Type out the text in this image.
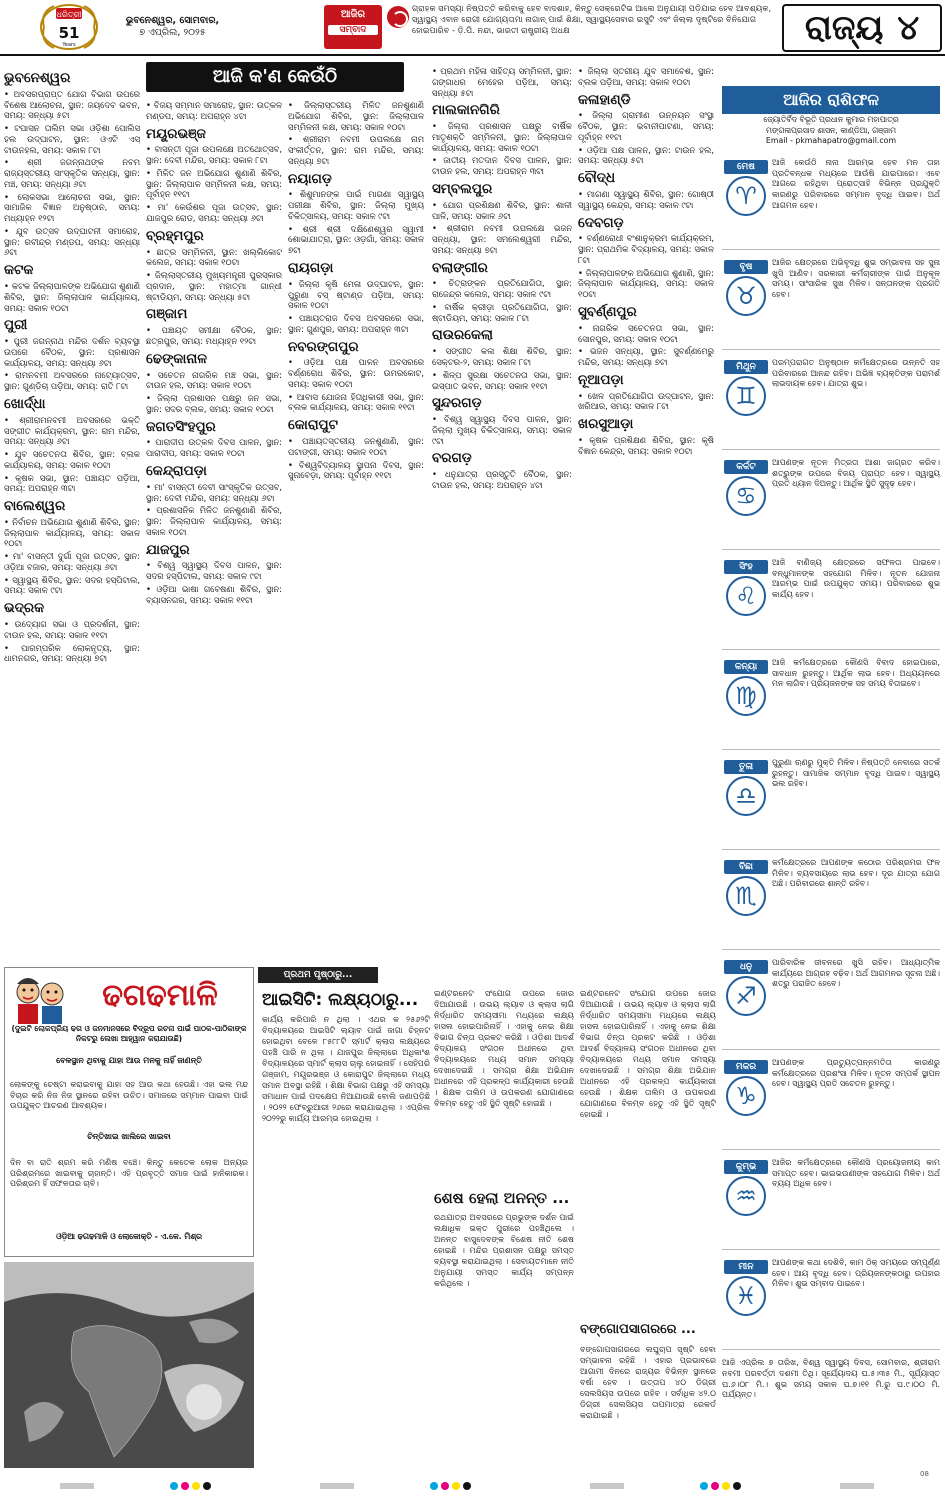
ଧରିତ୍ରୀ
51
Years
ଭୁବନେଶ୍ୱର, ସୋମବାର,
୭ ଏପ୍ରିଲ, ୨୦୨୫
ଆଜିର
ସମ୍ବାଦ
ଗ୍ରାହକ ସମସ୍ୟା ନିଷ୍ପତ୍ତି କରିବାକୁ ହେବ ବାଦଶାହ, କିନ୍ତୁ ସେକ୍ରେଟିଭ ଆଲେ ଅନୁଯାୟୀ ପଡ଼ିଯାଇ ହେବ ଆବଶ୍ୟକ, ସ୍ୱାସ୍ଥ୍ୟ ଏବାନ ରୋଗୀ ଯୋଗ୍ୟତାମା ନାଗାନ୍ ପାଇଁ ଶିକ୍ଷା, ସ୍ୱାସ୍ଥ୍ୟସେବାର ଇସୁଟି ଏବଂ ଜିଲ୍ଲା ଦୃଷ୍ଟିରେ ବିନିଯୋଗ ହୋଇପାରିବ - ଡ଼ି.ପି. ନନ୍ଦା, ଭାରତୀ ରାଷ୍ଟ୍ରୀୟ ଅଧକ୍ଷ	ରାଜ୍ୟ ୪
ଭୁବନେଶ୍ୱର
• ଅବସରପ୍ରାପ୍ତ ଯୋଗ ବିଭାଗ ଉପରେ ବିଶେଷ ଆଲୋଚନା, ସ୍ଥାନ: ଜୟଦେବ ଭବନ, ସମୟ: ସନ୍ଧ୍ୟା ୫ଟା
• ଟପାସନ ତାଲିମ ସଭା ଓଡ଼ିଶା ପୋଲିସ ହଲ ଉଦ୍‌ଘାଟନ, ସ୍ଥାନ: ଓଏଟି ଏସ୍ ଟାଉନହଲ, ସମୟ: ସକାଳ ୮ଟା
• ଶ୍ରୀ ଜଗନ୍ନାଥଙ୍କ ନବମ ରାଜ୍ୟସ୍ତରୀୟ ସାଂସ୍କୃତିକ ସନ୍ଧ୍ୟା, ସ୍ଥାନ: ମଞ୍ଚ, ସମୟ: ସନ୍ଧ୍ୟା ୬ଟା
• ଲୋକସଭା ଆଲୋଚନା ସଭା, ସ୍ଥାନ: ସାମାଜିକ ବିଜ୍ଞାନ ଅନୁଷ୍ଠାନ, ସମୟ: ମଧ୍ୟାହ୍ନ ୧୨ଟା
• ଯୁବ ଉତ୍ସବ ଉଦ୍‌ଘାଟନୀ ସମାରୋହ, ସ୍ଥାନ: ରବୀନ୍ଦ୍ର ମଣ୍ଡପ, ସମୟ: ସନ୍ଧ୍ୟା ୬ଟା
କଟକ
• କଟକ ଜିଲ୍ଲାପାଳଙ୍କ ଅଭିଯୋଗ ଶୁଣାଣି ଶିବିର, ସ୍ଥାନ: ଜିଲ୍ଲାପାଳ କାର୍ଯ୍ୟାଳୟ, ସମୟ: ସକାଳ ୧୦ଟା
ପୁରୀ
• ପୁରୀ ଜଗନ୍ନାଥ ମନ୍ଦିର ଦର୍ଶନ ବ୍ୟବସ୍ଥା ଉପରେ ବୈଠକ, ସ୍ଥାନ: ପ୍ରଶାସନ କାର୍ଯ୍ୟାଳୟ, ସମୟ: ସନ୍ଧ୍ୟା ୬ଟା
• ରାମନବମୀ ଅବସରରେ ନାଟ୍ୟୋତ୍ସବ, ସ୍ଥାନ: ଗୁଣ୍ଡିଚା ପଡ଼ିଆ, ସମୟ: ରାତି ୮ଟା
ଖୋର୍ଦ୍ଧା
• ଶ୍ରୀରାମନବମୀ ଅବସରରେ ଭକ୍ତି ସଙ୍ଗୀତ କାର୍ଯ୍ୟକ୍ରମ, ସ୍ଥାନ: ରାମ ମନ୍ଦିର, ସମୟ: ସନ୍ଧ୍ୟା ୬ଟା
• ଯୁବ ସଚେତନତା ଶିବିର, ସ୍ଥାନ: ବ୍ଲକ କାର୍ଯ୍ୟାଳୟ, ସମୟ: ସକାଳ ୧୦ଟା
• କୃଷକ ସଭା, ସ୍ଥାନ: ପଞ୍ଚାୟତ ପଡ଼ିଆ, ସମୟ: ଅପରାହ୍ନ ୩ଟା
ବାଲେଶ୍ୱର
• ନିର୍ବାଚନ ଅଭିଯୋଗ ଶୁଣାଣି ଶିବିର, ସ୍ଥାନ: ଜିଲ୍ଲାପାଳ କାର୍ଯ୍ୟାଳୟ, ସମୟ: ସକାଳ ୧୦ଟା
• ମା' ବାସନ୍ତୀ ଦୁର୍ଗା ପୂଜା ଉତ୍ସବ, ସ୍ଥାନ: ଓଡ଼ିଆ ବଜାର, ସମୟ: ସନ୍ଧ୍ୟା ୬ଟା
• ସ୍ୱାସ୍ଥ୍ୟ ଶିବିର, ସ୍ଥାନ: ସଦର ହସ୍ପିଟାଲ, ସମୟ: ସକାଳ ୯ଟା
ଭଦ୍ରକ
• ଉଦ୍ୟୋଗ ସଭା ଓ ପ୍ରଦର୍ଶନୀ, ସ୍ଥାନ: ଟାଉନ ହଲ, ସମୟ: ସକାଳ ୧୧ଟା
• ପାରମ୍ପରିକ ଲୋକନୃତ୍ୟ, ସ୍ଥାନ: ଧାମନଗର, ସମୟ: ସନ୍ଧ୍ୟା ୭ଟା
• ବିଜୟ ସମ୍ମାନ ସମାରୋହ, ସ୍ଥାନ: ଉତ୍କଳ ମଣ୍ଡପ, ସମୟ: ଅପରାହ୍ନ ୪ଟା
ମୟୂରଭଞ୍ଜ
• ବାସନ୍ତୀ ପୂଜା ଉପଲକ୍ଷେ ଅତଥୋତ୍ସବ, ସ୍ଥାନ: ଦେବୀ ମନ୍ଦିର, ସମୟ: ସକାଳ ୮ଟା
• ମିଳିତ ଜନ ଅଭିଯୋଗ ଶୁଣାଣି ଶିବିର, ସ୍ଥାନ: ଜିଲ୍ଲାପାଳ ସମ୍ମିଳନୀ କକ୍ଷ, ସମୟ: ପୂର୍ବାହ୍ନ ୧୧ଟା
• ମା' କେଉଁଶର ପୂଜା ଉତ୍ସବ, ସ୍ଥାନ: ଯାଜପୁର ରୋଡ, ସମୟ: ସନ୍ଧ୍ୟା ୬ଟା
ବ୍ରହ୍ମପୁର
• ଛାତ୍ର ସମ୍ମିଳନୀ, ସ୍ଥାନ: ଖଲ୍ଲିକୋଟ କଲେଜ, ସମୟ: ସକାଳ ୧୦ଟା
• ଜିଲ୍ଲାସ୍ତରୀୟ ମୁଖ୍ୟମନ୍ତ୍ରୀ ପୁରସ୍କାର ପ୍ରଦାନ, ସ୍ଥାନ: ମହାତ୍ମା ଗାନ୍ଧୀ ଷ୍ଟାଡିୟମ, ସମୟ: ସନ୍ଧ୍ୟା ୫ଟା
ଗଞ୍ଜାମ
• ପଞ୍ଚାୟତ ସମୀକ୍ଷା ବୈଠକ, ସ୍ଥାନ: ଛତ୍ରପୁର, ସମୟ: ମଧ୍ୟାହ୍ନ ୧୨ଟା
ଢେଙ୍କାନାଳ
• ସଚେତନ ନାଗରିକ ମଞ୍ଚ ସଭା, ସ୍ଥାନ: ଟାଉନ ହଲ, ସମୟ: ସକାଳ ୧୦ଟା
• ଜିଲ୍ଲା ପ୍ରଶାସନ ପକ୍ଷରୁ ଜନ ସଭା, ସ୍ଥାନ: ସଦର ବ୍ଲକ, ସମୟ: ସକାଳ ୧୦ଟା
ଜଗତସିଂହପୁର
• ପାରାଦୀପ ଉତ୍କଳ ଦିବସ ପାଳନ, ସ୍ଥାନ: ପାରାଦୀପ, ସମୟ: ସକାଳ ୧୦ଟା
କେନ୍ଦ୍ରାପଡ଼ା
• ମା' ବାସନ୍ତୀ ଦେବୀ ସାଂସ୍କୃତିକ ଉତ୍ସବ, ସ୍ଥାନ: ଦେବୀ ମନ୍ଦିର, ସମୟ: ସନ୍ଧ୍ୟା ୬ଟା
• ପ୍ରଶାସନିକ ମିଳିତ ଜନଶୁଣାଣି ଶିବିର, ସ୍ଥାନ: ଜିଲ୍ଲାପାଳ କାର୍ଯ୍ୟାଳୟ, ସମୟ: ସକାଳ ୧୦ଟା
ଯାଜପୁର
• ବିଶ୍ୱ ସ୍ୱାସ୍ଥ୍ୟ ଦିବସ ପାଳନ, ସ୍ଥାନ: ସଦର ହସ୍ପିଟାଲ, ସମୟ: ସକାଳ ୯ଟା
• ଓଡ଼ିଆ ଭାଷା ଗବେଷଣା ଶିବିର, ସ୍ଥାନ: ବ୍ୟାସନଗର, ସମୟ: ସକାଳ ୧୧ଟା
• ଜିଲ୍ଲାସ୍ତରୀୟ ମିଳିତ ଜନଶୁଣାଣି ଅଭିଯୋଗ ଶିବିର, ସ୍ଥାନ: ଜିଲ୍ଲାପାଳ ସମ୍ମିଳନୀ କକ୍ଷ, ସମୟ: ସକାଳ ୧୦ଟା
• ଶ୍ରୀରାମ ନବମୀ ଉପଲକ୍ଷେ ନାମ ସଂକୀର୍ତ୍ତନ, ସ୍ଥାନ: ରାମ ମନ୍ଦିର, ସମୟ: ସନ୍ଧ୍ୟା ୭ଟା
ନୟାଗଡ଼
• ଶିଶୁମାନଙ୍କ ପାଇଁ ମାଗଣା ସ୍ୱାସ୍ଥ୍ୟ ପରୀକ୍ଷା ଶିବିର, ସ୍ଥାନ: ଜିଲ୍ଲା ମୁଖ୍ୟ ଚିକିତ୍ସାଳୟ, ସମୟ: ସକାଳ ୯ଟା
• ଶ୍ରୀ ଶ୍ରୀ ଦକ୍ଷିଣେଶ୍ୱର ସ୍ୱାମୀ ଶୋଭାଯାତ୍ରା, ସ୍ଥାନ: ଓଡ଼ଗାଁ, ସମୟ: ସକାଳ ୭ଟା
ରାୟଗଡ଼ା
• ଜିଲ୍ଲା କୃଷି ମେଳା ଉଦ୍‌ଘାଟନ, ସ୍ଥାନ: ପୁରୁଣା ବସ୍ ଷ୍ଟାଣ୍ଡ ପଡ଼ିଆ, ସମୟ: ସକାଳ ୧୦ଟା
• ପଞ୍ଚାୟତରାଜ ଦିବସ ଅବସରରେ ସଭା, ସ୍ଥାନ: ଗୁଣପୁର, ସମୟ: ଅପରାହ୍ନ ୩ଟା
ନବରଙ୍ଗପୁର
• ଓଡ଼ିଆ ପକ୍ଷ ପାଳନ ଅବସରରେ ବର୍ଣ୍ଣରୋଧ ଶିବିର, ସ୍ଥାନ: ଉମରକୋଟ, ସମୟ: ସକାଳ ୧୦ଟା
• ଆବାସ ଯୋଜନା ହିତାଧିକାରୀ ସଭା, ସ୍ଥାନ: ବ୍ଲକ କାର୍ଯ୍ୟାଳୟ, ସମୟ: ସକାଳ ୧୧ଟା
କୋରାପୁଟ
• ପଞ୍ଚାୟତସ୍ତରୀୟ ଜନଶୁଣାଣି, ସ୍ଥାନ: ପଟାଙ୍ଗୀ, ସମୟ: ସକାଳ ୧୦ଟା
• ବିଶ୍ୱବିଦ୍ୟାଳୟ ସ୍ଥାପନା ଦିବସ, ସ୍ଥାନ: ସୁନାବେଡ଼ା, ସମୟ: ପୂର୍ବାହ୍ନ ୧୧ଟା
• ପ୍ରଥମ ମହିଳା ସାହିତ୍ୟ ସମ୍ମିଳନୀ, ସ୍ଥାନ: ଗଙ୍ଗାଧର ମେହେର ପଡ଼ିଆ, ସମୟ: ସନ୍ଧ୍ୟା ୫ଟା
ମାଲକାନଗିରି
• ଜିଲ୍ଲା ପ୍ରଶାସନ ପକ୍ଷରୁ ବାର୍ଷିକ ମାତୃଶକ୍ତି ସମ୍ମିଳନୀ, ସ୍ଥାନ: ଜିଲ୍ଲାପାଳ କାର୍ଯ୍ୟାଳୟ, ସମୟ: ସକାଳ ୧୦ଟା
• ଜାତୀୟ ମତଦାନ ଦିବସ ପାଳନ, ସ୍ଥାନ: ଟାଉନ ହଲ, ସମୟ: ଅପରାହ୍ନ ୩ଟା
ସମ୍ବଲପୁର
• ଯୋଗ ପ୍ରଶିକ୍ଷଣ ଶିବିର, ସ୍ଥାନ: ଶାଳୀ ପାଳି, ସମୟ: ସକାଳ ୬ଟା
• ଶ୍ରୀରାମ ନବମୀ ଉପଲକ୍ଷେ ଭଜନ ସନ୍ଧ୍ୟା, ସ୍ଥାନ: ସମଲେଶ୍ୱରୀ ମନ୍ଦିର, ସମୟ: ସନ୍ଧ୍ୟା ୭ଟା
ବଲାଙ୍ଗୀର
• ଚିତ୍ରାଙ୍କନ ପ୍ରତିଯୋଗିତା, ସ୍ଥାନ: ରାଜେନ୍ଦ୍ର କଲେଜ, ସମୟ: ସକାଳ ୯ଟା
• ବାର୍ଷିକ କ୍ରୀଡ଼ା ପ୍ରତିଯୋଗିତା, ସ୍ଥାନ: ଷ୍ଟାଡିୟମ, ସମୟ: ସକାଳ ୮ଟା
ରାଉରକେଲା
• ସଙ୍ଗୀତ କଳା ଶିକ୍ଷା ଶିବିର, ସ୍ଥାନ: ସେକ୍ଟର-୨, ସମୟ: ସକାଳ ୮ଟା
• ଶିଳ୍ପ ସୁରକ୍ଷା ସଚେତନତା ସଭା, ସ୍ଥାନ: ଇସ୍ପାତ ଭବନ, ସମୟ: ସକାଳ ୧୧ଟା
ସୁନ୍ଦରଗଡ଼
• ବିଶ୍ୱ ସ୍ୱାସ୍ଥ୍ୟ ଦିବସ ପାଳନ, ସ୍ଥାନ: ଜିଲ୍ଲା ମୁଖ୍ୟ ଚିକିତ୍ସାଳୟ, ସମୟ: ସକାଳ ୯ଟା
ବରଗଡ଼
• ଧନୁଯାତ୍ରା ପ୍ରସ୍ତୁତି ବୈଠକ, ସ୍ଥାନ: ଟାଉନ ହଲ, ସମୟ: ଅପରାହ୍ନ ୪ଟା
• ଜିଲ୍ଲା ସ୍ତରୀୟ ଯୁବ ସମାବେଶ, ସ୍ଥାନ: ବ୍ଲକ ପଡ଼ିଆ, ସମୟ: ସକାଳ ୧୦ଟା
କଳାହାଣ୍ଡି
• ଜିଲ୍ଲା ଗ୍ରାମୀଣ ଉନ୍ନୟନ ସଂସ୍ଥା ବୈଠକ, ସ୍ଥାନ: ଭବାନୀପାଟଣା, ସମୟ: ପୂର୍ବାହ୍ନ ୧୧ଟା
• ଓଡ଼ିଆ ପକ୍ଷ ପାଳନ, ସ୍ଥାନ: ଟାଉନ ହଲ, ସମୟ: ସନ୍ଧ୍ୟା ୫ଟା
ବୌଦ୍ଧ
• ମାଗଣା ସ୍ୱାସ୍ଥ୍ୟ ଶିବିର, ସ୍ଥାନ: ଗୋଷ୍ଠୀ ସ୍ୱାସ୍ଥ୍ୟ କେନ୍ଦ୍ର, ସମୟ: ସକାଳ ୯ଟା
ଦେବଗଡ଼
• ବର୍ଣ୍ଣରୋଧୀ ବଂଶାନୁକ୍ରମ କାର୍ଯ୍ୟକ୍ରମ, ସ୍ଥାନ: ପ୍ରାଥମିକ ବିଦ୍ୟାଳୟ, ସମୟ: ସକାଳ ୮ଟା
• ଜିଲ୍ଲାପାଳଙ୍କ ଅଭିଯୋଗ ଶୁଣାଣି, ସ୍ଥାନ: ଜିଲ୍ଲାପାଳ କାର୍ଯ୍ୟାଳୟ, ସମୟ: ସକାଳ ୧୦ଟା
ସୁବର୍ଣ୍ଣପୁର
• ନାଗରିକ ସଚେତନତା ସଭା, ସ୍ଥାନ: ସୋନପୁର, ସମୟ: ସକାଳ ୧୦ଟା
• ଭଜନ ସନ୍ଧ୍ୟା, ସ୍ଥାନ: ସୁବର୍ଣ୍ଣମେରୁ ମନ୍ଦିର, ସମୟ: ସନ୍ଧ୍ୟା ୭ଟା
ନୂଆପଡ଼ା
• ଖେଳ ପ୍ରତିଯୋଗିତା ଉଦ୍‌ଘାଟନ, ସ୍ଥାନ: ଖରିଆର, ସମୟ: ସକାଳ ୮ଟା
ଖରସୁଆଡ଼ା
• କୃଷକ ପ୍ରଶିକ୍ଷଣ ଶିବିର, ସ୍ଥାନ: କୃଷି ବିଜ୍ଞାନ କେନ୍ଦ୍ର, ସମୟ: ସକାଳ ୧୦ଟା
ଆଜି କ'ଣ କେଉଁଠି
ଆଜିର ରାଶିଫଳ
ଜ୍ୟୋତିର୍ବିଦ ବିଭୂତି ପ୍ରଧାନ କୁମାର ମହାପାତ୍ର
ମଙ୍ଗଳାପ୍ରସାଦ ଶାସନ, କାଣ୍ଡିଆ, ଗଞ୍ଜାମ
Email - pkmahapatro@gmail.com
ମେଷ
♈
ଆଜି କେଉଁଠି ନାନା ଆରମ୍ଭ ହେବ ମନ ତାହା ପ୍ରତିବନ୍ଧକ ମଧ୍ୟରେ ଆଉଁଷି ଯାଇପାରେ। ଏବେ ଆଗରେ ରହିଥିବା ପ୍ରୋତ୍ସାହି ବିଭିନ୍ନ ପ୍ରଯୁକ୍ତି କାରଣରୁ ପରିବାରରେ ସମ୍ମାନ ବୃଦ୍ଧି ପାଇବ। ଅର୍ଥ ଆଗମନ ହେବ।
ବୃଷ
♉
ଆଜିର କ୍ଷେତ୍ରରେ ଅଭିବୃଦ୍ଧି ଶୁଭ ସମ୍ଭାବନା ସହ ସୁନା ଖୁସି ଆଣିବ। ସରକାରୀ କର୍ମଚାରୀଙ୍କ ପାଇଁ ଅନୁକୂଳ ସମୟ। ସାଂସାରିକ ସୁଖ ମିଳିବ। ସନ୍ତାନଙ୍କ ପ୍ରଗତି ହେବ।
ମିଥୁନ
♊
ପରମ୍ପରାଗତ ଅନୁଷ୍ଠାନ କର୍ମକ୍ଷେତ୍ରରେ ଉନ୍ନତି ସହ ପରିବାରରେ ଆନନ୍ଦ ରହିବ। ଅଭିଜ୍ଞ ବ୍ୟକ୍ତିଙ୍କ ପରାମର୍ଶ ଲାଭଦାୟକ ହେବ। ଯାତ୍ରା ଶୁଭ।
କର୍କଟ
♋
ଆପଣଙ୍କ ନୂତନ ମିତ୍ରତା ଆଶା ଜାଗ୍ରତ କରିବ। ଶତ୍ରୁଙ୍କ ଉପରେ ବିଜୟ ପ୍ରାପ୍ତ ହେବ। ସ୍ୱାସ୍ଥ୍ୟ ପ୍ରତି ଧ୍ୟାନ ଦିଅନ୍ତୁ। ଆର୍ଥିକ ସ୍ଥିତି ସୁଦୃଢ଼ ହେବ।
ସିଂହ
♌
ଆଜି ବାଣିଜ୍ୟ କ୍ଷେତ୍ରରେ ସଫଳତା ପାଇବେ। ବନ୍ଧୁମାନଙ୍କ ସହଯୋଗ ମିଳିବ। ନୂତନ ଯୋଜନା ଆରମ୍ଭ ପାଇଁ ଉପଯୁକ୍ତ ସମୟ। ପରିବାରରେ ଶୁଭ କାର୍ଯ୍ୟ ହେବ।
କନ୍ୟା
♍
ଆଜି କର୍ମକ୍ଷେତ୍ରରେ କୌଣସି ବିବାଦ ହୋଇପାରେ, ସାବଧାନ ରୁହନ୍ତୁ। ଆର୍ଥିକ ଲାଭ ହେବ। ଅଧ୍ୟୟନରେ ମନ ଲାଗିବ। ପ୍ରିୟଜନଙ୍କ ସହ ସମୟ ବିତାଇବେ।
ତୁଳା
♎
ପୁରୁଣା ଋଣରୁ ମୁକ୍ତି ମିଳିବ। ନିଷ୍ପତ୍ତି ନେବାରେ ସତର୍କ ରୁହନ୍ତୁ। ସାମାଜିକ ସମ୍ମାନ ବୃଦ୍ଧି ପାଇବ। ସ୍ୱାସ୍ଥ୍ୟ ଭଲ ରହିବ।
ବିଛା
♏
କର୍ମକ୍ଷେତ୍ରରେ ଆପଣଙ୍କ କଠୋର ପରିଶ୍ରମର ଫଳ ମିଳିବ। ବ୍ୟବସାୟରେ ଲାଭ ହେବ। ଦୂର ଯାତ୍ରା ଯୋଗ ଅଛି। ପରିବାରରେ ଶାନ୍ତି ରହିବ।
ଧନୁ
♐
ପାରିବାରିକ ଜୀବନରେ ଖୁସି ରହିବ। ଆଧ୍ୟାତ୍ମିକ କାର୍ଯ୍ୟରେ ଆଗ୍ରହ ବଢ଼ିବ। ଅର୍ଥ ଆଗମନର ସୂଚନା ଅଛି। ଶତ୍ରୁ ପରାଜିତ ହେବେ।
ମକର
♑
ଆପଣଙ୍କ ପ୍ରତ୍ୟୁତ୍ପନ୍ନମତିତା କାରଣରୁ କର୍ମକ୍ଷେତ୍ରରେ ପ୍ରଶଂସା ମିଳିବ। ନୂତନ ସମ୍ପର୍କ ସ୍ଥାପନ ହେବ। ସ୍ୱାସ୍ଥ୍ୟ ପ୍ରତି ସଚେତନ ରୁହନ୍ତୁ।
କୁମ୍ଭ
♒
ଆଜିର କର୍ମକ୍ଷେତ୍ରରେ କୌଣସି ପ୍ରୟୋଜନୀୟ କାମ ସମାପ୍ତ ହେବ। ଭାଇଭଉଣୀଙ୍କ ସହଯୋଗ ମିଳିବ। ଅର୍ଥ ବ୍ୟୟ ଅଧିକ ହେବ।
ମୀନ
♓
ଆପଣଙ୍କ କଥା ଦେଶିବି, କାମ ଠିକ୍ ସମୟରେ ସମ୍ପୂର୍ଣ୍ଣ ହେବ। ଆୟ ବୃଦ୍ଧି ହେବ। ପ୍ରିୟଜନଙ୍କଠାରୁ ଉପହାର ମିଳିବ। ଶୁଭ ସମ୍ବାଦ ପାଇବେ।
ଆଜି ଏପ୍ରିଲ ୭ ତାରିଖ, ବିଶ୍ୱ ସ୍ୱାସ୍ଥ୍ୟ ଦିବସ, ସୋମବାର, ଶ୍ରୀରାମ ନବମୀ ପରବର୍ତ୍ତୀ ଦଶମୀ ତିଥି। ସୂର୍ଯ୍ୟୋଦୟ ଘ.୫।୩୫ ମି., ସୂର୍ଯ୍ୟାସ୍ତ ଘ.୬।୦୮ ମି.। ଶୁଭ ସମୟ ସକାଳ ଘ.୭।୧୧ ମି.ରୁ ଘ.୯।୦୦ ମି. ପର୍ଯ୍ୟନ୍ତ।
ଢଗଢମାଳି
(ଦୁଇଟି ଲୋକପ୍ରିୟ ଢଗ ଓ ଜନମାନସରେ ବିଦ୍ରୂପ ରଚନା ପାଇଁ ପାଠକ-ପାଠିକାଙ୍କ ନିକଟରୁ ଲେଖା ଆହ୍ୱାନ କରାଯାଉଛି)
ବେଳସ୍ଥାନ ଥିବାକୁ ଯାହା ଆଉ ମନକୁ ନାହିଁ ଜାଣନ୍ତି
ଲୋକଙ୍କୁ ଚେଷ୍ଟା କରାଇବାକୁ ଯାହା ସହ ଆଉ କଥା ହେଉଛି। ଏହା ଭଲ ମନ୍ଦ ବିଚାର କରି ନିଜ ନିଜ ସ୍ଥାନରେ ରହିବା ଉଚିତ। ସମାଜରେ ସମ୍ମାନ ପାଇବା ପାଇଁ ଉପଯୁକ୍ତ ଆଚରଣ ଆବଶ୍ୟକ।
ଚିନ୍ତିଖାଇ ଖାଲିରେ ଖାଇବା
ଦିନ ବା ରାତି ଶ୍ରମ କରି ମଣିଷ ବଞ୍ଚେ। କିନ୍ତୁ କେତେକ ଲୋକ ଅନ୍ୟର ପରିଶ୍ରମରେ ଖାଇବାକୁ ଚାହାନ୍ତି। ଏହି ପ୍ରବୃତ୍ତି ସମାଜ ପାଇଁ ହାନିକାରକ। ପରିଶ୍ରମ ହିଁ ସଫଳତାର ଚାବି।
ଓଡ଼ିଆ ଢଗଢମାଳି ଓ ଲୋକୋକ୍ତି - ଏ.କେ. ମିଶ୍ର
ପ୍ରଥମ ପୃଷ୍ଠାରୁ...
ଆଇସିଟି: ଲକ୍ଷ୍ୟଠାରୁ...
କାର୍ଯ୍ୟ କରିପାରି ନ ଥିଲା । ଏଥର କ ୨୫୬୨ଟି ବିଦ୍ୟାଳୟରେ ଆଇସିଟି ଲ୍ୟାବ ପାଇଁ ଜାଗା ଚିହ୍ନଟ ହୋଇଥିବା ବେଳେ ୮୫୮୮ଟି ସ୍ମାର୍ଟ କ୍ଲାସ ଲକ୍ଷ୍ୟରେ ପହଞ୍ଚି ପାରି ନ ଥିଲା । ଯାଜପୁର ଜିଲ୍ଲାରେ ଅଧିକାଂଶ ବିଦ୍ୟାଳୟରେ ସ୍ମାର୍ଟ କ୍ଲାସ ଚାଲୁ ହୋଇନାହିଁ । ସେହିପରି ଗଞ୍ଜାମ, ମୟୂରଭଞ୍ଜ ଓ କୋରାପୁଟ ଜିଲ୍ଲାରେ ମଧ୍ୟ ସମାନ ଅବସ୍ଥା ରହିଛି । ଶିକ୍ଷା ବିଭାଗ ପକ୍ଷରୁ ଏହି ସମସ୍ୟା ସମାଧାନ ପାଇଁ ପଦକ୍ଷେପ ନିଆଯାଉଛି ବୋଲି ଜଣାପଡ଼ିଛି । ୨୦୨୨ ଫେବ୍ରୁଆରୀ ୨୬ରେ କରାଯାଇଥିଲା । ଏପ୍ରିଲ ୨୦୨୨ରୁ କାର୍ଯ୍ୟ ଆରମ୍ଭ ହୋଇଥିଲା ।
ଇଣ୍ଟରନେଟ ସଂଯୋଗ ଉପରେ ଜୋର ଦିଆଯାଉଛି । ଉଭୟ ଲ୍ୟାବ ଓ କ୍ଲାସ ଲାଗି ନିର୍ଦ୍ଧାରିତ ସମୟସୀମା ମଧ୍ୟରେ ଲକ୍ଷ୍ୟ ହାସଲ ହୋଇପାରିନାହିଁ । ଏହାକୁ ନେଇ ଶିକ୍ଷା ବିଭାଗ ଚିନ୍ତା ପ୍ରକଟ କରିଛି । ଓଡ଼ିଶା ଆଦର୍ଶ ବିଦ୍ୟାଳୟ ସଂଗଠନ ଅଧୀନରେ ଥିବା ବିଦ୍ୟାଳୟରେ ମଧ୍ୟ ସମାନ ସମସ୍ୟା ଦେଖାଦେଇଛି । ସମଗ୍ର ଶିକ୍ଷା ଅଭିଯାନ ଅଧୀନରେ ଏହି ପ୍ରକଳ୍ପ କାର୍ଯ୍ୟକାରୀ ହେଉଛି । ଶିକ୍ଷକ ତାଲିମ ଓ ଉପକରଣ ଯୋଗାଣରେ ବିଳମ୍ବ ହେତୁ ଏହି ସ୍ଥିତି ସୃଷ୍ଟି ହୋଇଛି ।
ଶେଷ ହେଲା ଅନନ୍ତ ...
ରଥଯାତ୍ରା ଅବସରରେ ପ୍ରଭୁଙ୍କ ଦର୍ଶନ ପାଇଁ ଲକ୍ଷାଧିକ ଭକ୍ତ ପୁରୀରେ ପହଞ୍ଚିଥିଲେ । ଅନନ୍ତ ବାସୁଦେବଙ୍କ ବିଶେଷ ନୀତି ଶେଷ ହୋଇଛି । ମନ୍ଦିର ପ୍ରଶାସନ ପକ୍ଷରୁ ସମସ୍ତ ବ୍ୟବସ୍ଥା କରାଯାଇଥିଲା । ସେବାୟତମାନେ ନୀତି ଅନୁଯାୟୀ ସମସ୍ତ କାର୍ଯ୍ୟ ସମ୍ପନ୍ନ କରିଥିଲେ ।
ଇଣ୍ଟରନେଟ ସଂଯୋଗ ଉପରେ ଜୋର ଦିଆଯାଉଛି । ଉଭୟ ଲ୍ୟାବ ଓ କ୍ଲାସ ଲାଗି ନିର୍ଦ୍ଧାରିତ ସମୟସୀମା ମଧ୍ୟରେ ଲକ୍ଷ୍ୟ ହାସଲ ହୋଇପାରିନାହିଁ । ଏହାକୁ ନେଇ ଶିକ୍ଷା ବିଭାଗ ଚିନ୍ତା ପ୍ରକଟ କରିଛି । ଓଡ଼ିଶା ଆଦର୍ଶ ବିଦ୍ୟାଳୟ ସଂଗଠନ ଅଧୀନରେ ଥିବା ବିଦ୍ୟାଳୟରେ ମଧ୍ୟ ସମାନ ସମସ୍ୟା ଦେଖାଦେଇଛି । ସମଗ୍ର ଶିକ୍ଷା ଅଭିଯାନ ଅଧୀନରେ ଏହି ପ୍ରକଳ୍ପ କାର୍ଯ୍ୟକାରୀ ହେଉଛି । ଶିକ୍ଷକ ତାଲିମ ଓ ଉପକରଣ ଯୋଗାଣରେ ବିଳମ୍ବ ହେତୁ ଏହି ସ୍ଥିତି ସୃଷ୍ଟି ହୋଇଛି ।
ବଙ୍ଗୋପସାଗରରେ ...
ବଙ୍ଗୋପସାଗରରେ ଲଘୁଚାପ ସୃଷ୍ଟି ହେବା ସମ୍ଭାବନା ରହିଛି । ଏହାର ପ୍ରଭାବରେ ଆଗାମୀ ଦିନରେ ରାଜ୍ୟର ବିଭିନ୍ନ ସ୍ଥାନରେ ବର୍ଷା ହେବ । ଉତ୍ତାପ ୪୦ ଡିଗ୍ରୀ ସେଲସିୟସ ଉପରେ ରହିବ । ସର୍ବାଧିକ ୪୨.୦ ଡିଗ୍ରୀ ସେଲସିୟସ ତାପମାତ୍ରା ରେକର୍ଡ କରାଯାଇଛି ।
08
